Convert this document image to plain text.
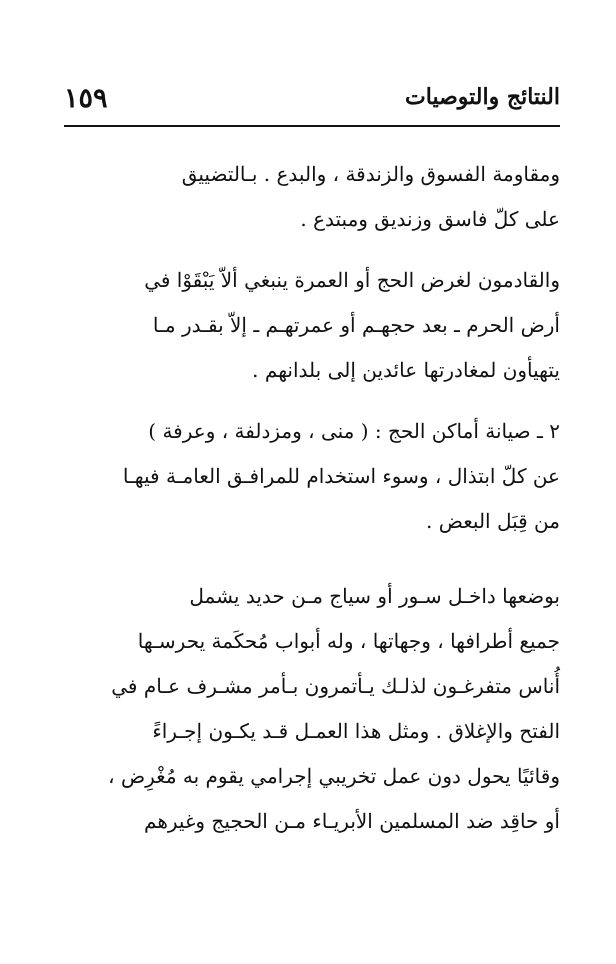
١٥٩	النتائج والتوصيات
ومقاومة الفسوق والزندقة ، والبدع . بـالتضييق
على كلّ فاسق وزنديق ومبتدع .
والقادمون لغرض الحج أو العمرة ينبغي ألاّ يَبْقَوْا في
أرض الحرم ـ بعد حجهـم أو عمرتهـم ـ إلاّ بقـدر مـا
يتهيأون لمغادرتها عائدين إلى بلدانهم .
٢ ـ صيانة أماكن الحج : ( منى ، ومزدلفة ، وعرفة )
عن كلّ ابتذال ، وسوء استخدام للمرافـق العامـة فيهـا
من قِبَل البعض .
بوضعها داخـل سـور أو سياج مـن حديد يشمل
جميع أطرافها ، وجهاتها ، وله أبواب مُحكَمة يحرسـها
أُناس متفرغـون لذلـك يـأتمرون بـأمر مشـرف عـام في
الفتح والإغلاق . ومثل هذا العمـل قـد يكـون إجـراءً
وقائيًا يحول دون عمل تخريبي إجرامي يقوم به مُغْرِض ،
أو حاقِد ضد المسلمين الأبريـاء مـن الحجيج وغيرهم
